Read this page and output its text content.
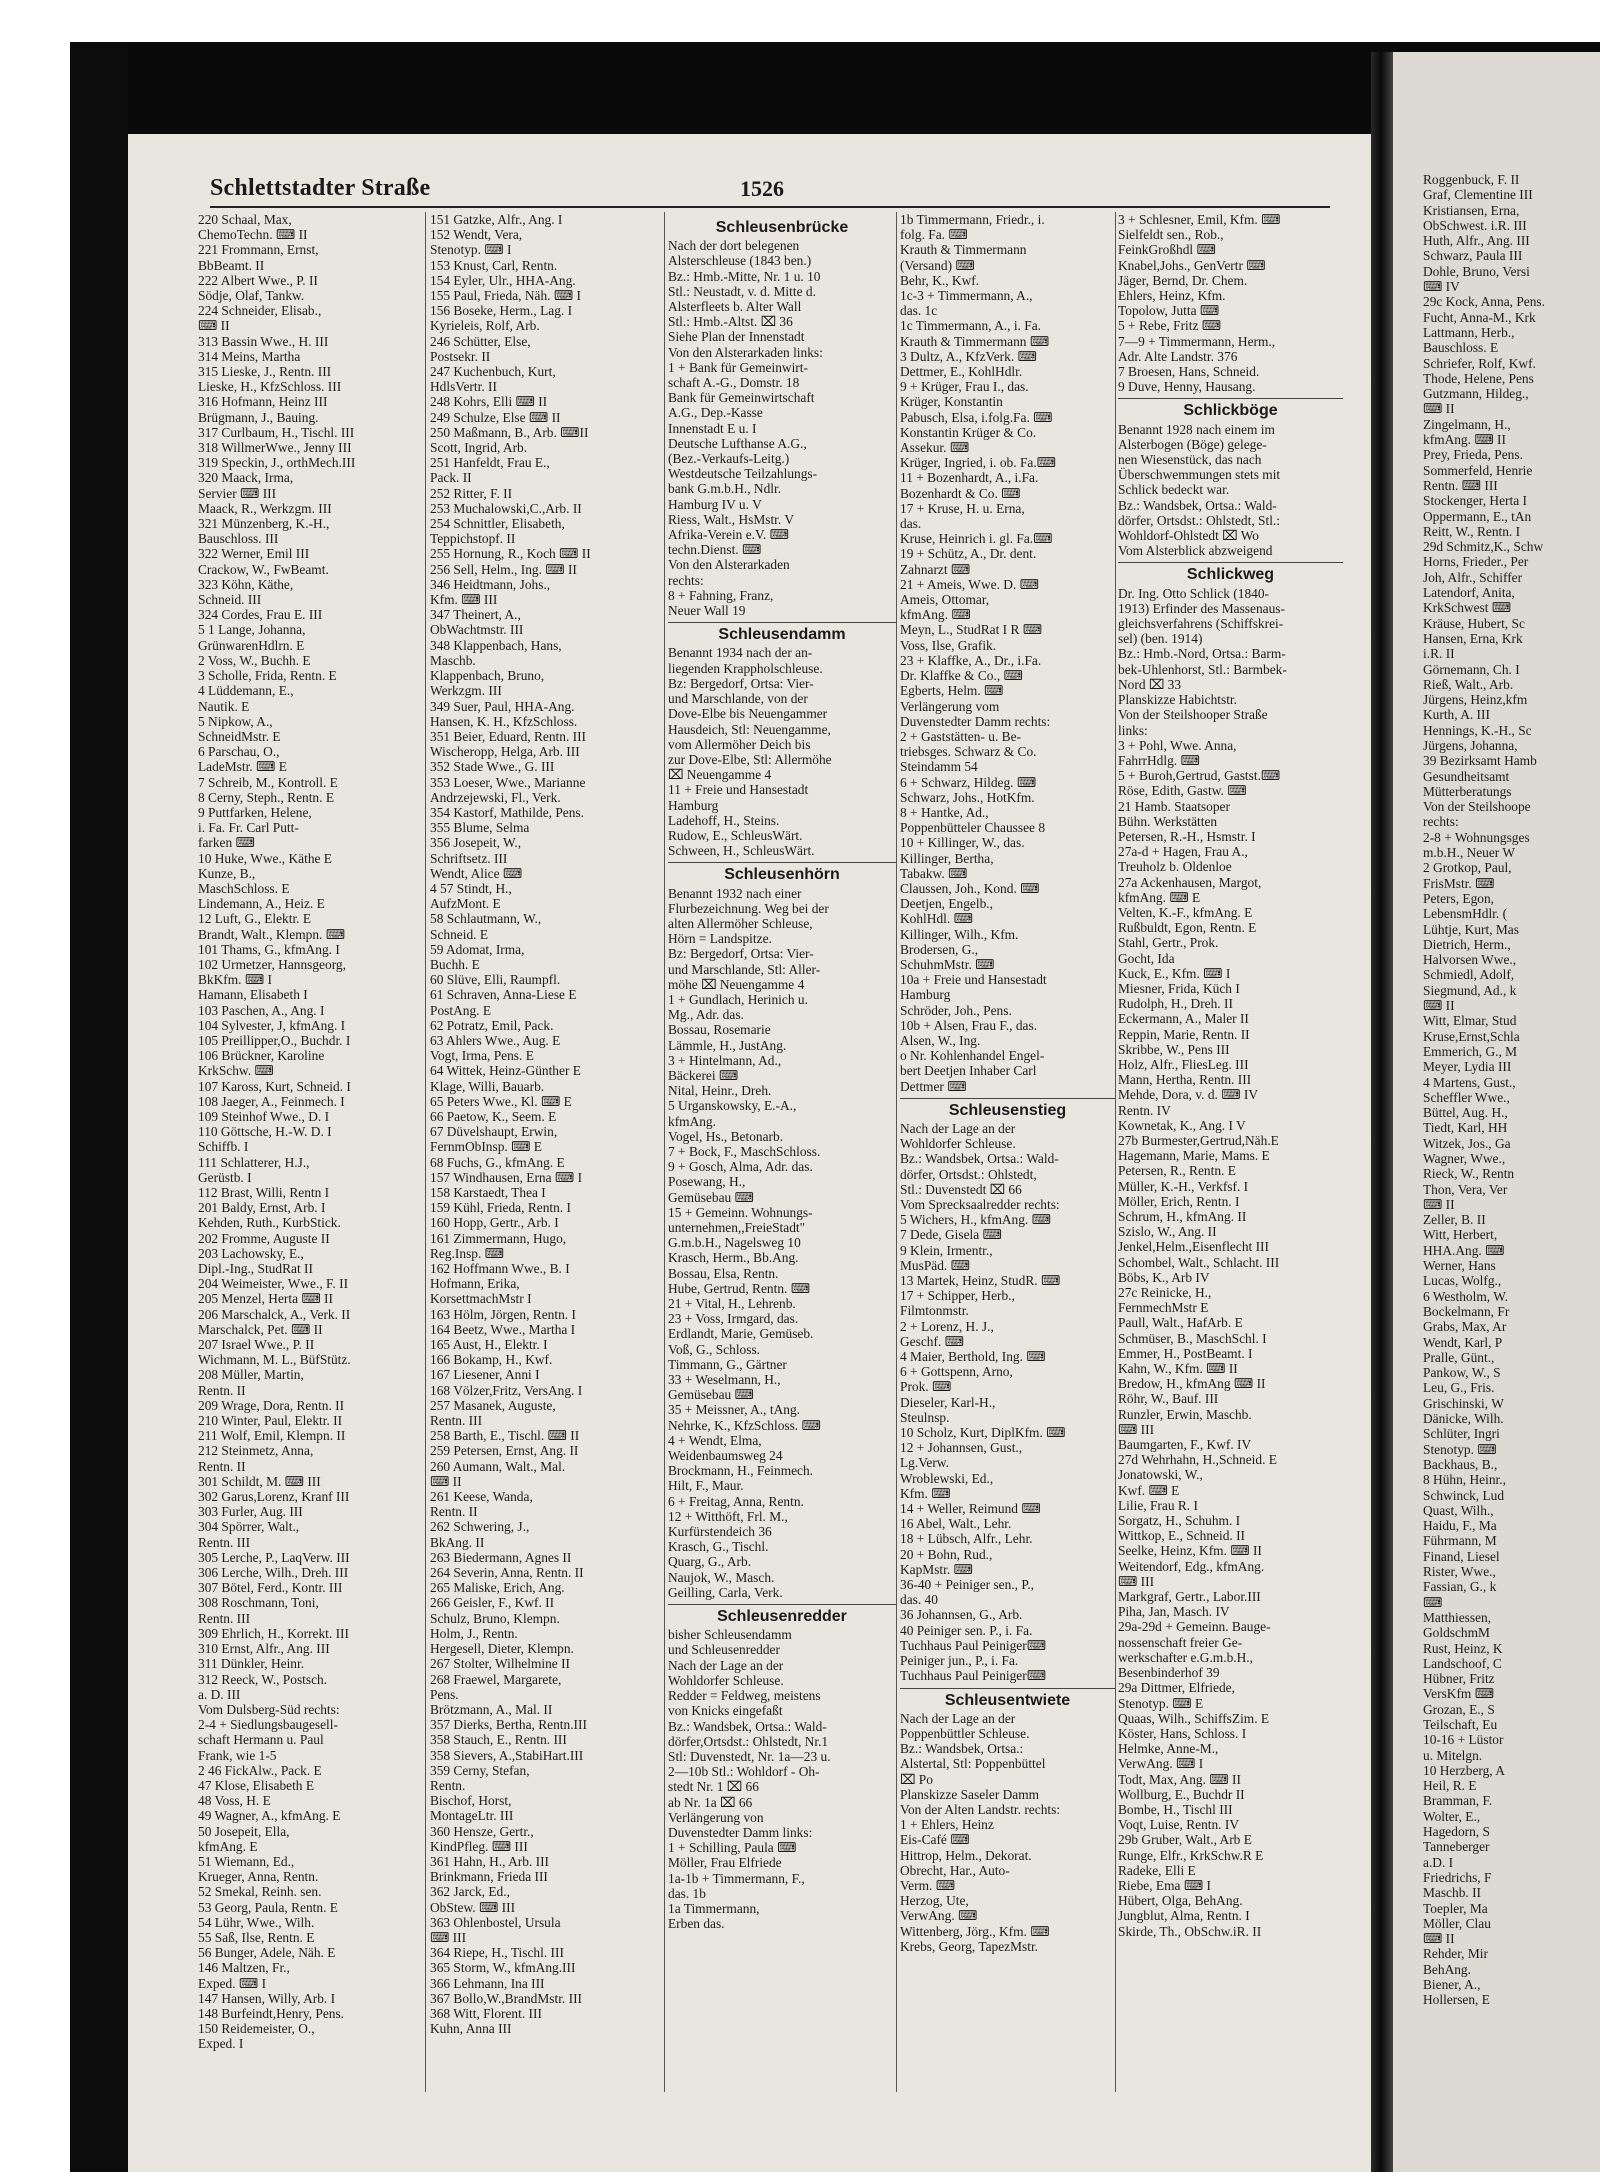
Roggenbuck, F. II
Graf, Clementine III
Kristiansen, Erna,
ObSchwest. i.R. III
Huth, Alfr., Ang. III
Schwarz, Paula III
Dohle, Bruno, Versi
⌨ IV
29c Kock, Anna, Pens.
Fucht, Anna-M., Krk
Lattmann, Herb.,
Bauschloss. E
Schriefer, Rolf, Kwf.
Thode, Helene, Pens
Gutzmann, Hildeg.,
⌨ II
Zingelmann, H.,
kfmAng. ⌨ II
Prey, Frieda, Pens.
Sommerfeld, Henrie
Rentn. ⌨ III
Stockenger, Herta I
Oppermann, E., tAn
Reitt, W., Rentn. I
29d Schmitz,K., Schw
Horns, Frieder., Per
Joh, Alfr., Schiffer
Latendorf, Anita,
KrkSchwest ⌨
Kräuse, Hubert, Sc
Hansen, Erna, Krk
i.R. II
Görnemann, Ch. I
Rieß, Walt., Arb.
Jürgens, Heinz,kfm
Kurth, A. III
Hennings, K.-H., Sc
Jürgens, Johanna,
39 Bezirksamt Hamb
Gesundheitsamt
Mütterberatungs
Von der Steilshoope
rechts:
2-8 + Wohnungsges
m.b.H., Neuer W
2 Grotkop, Paul,
FrisMstr. ⌨
Peters, Egon,
LebensmHdlr. (
Lühtje, Kurt, Mas
Dietrich, Herm.,
Halvorsen Wwe.,
Schmiedl, Adolf,
Siegmund, Ad., k
⌨ II
Witt, Elmar, Stud
Kruse,Ernst,Schla
Emmerich, G., M
Meyer, Lydia III
4 Martens, Gust.,
Scheffler Wwe.,
Büttel, Aug. H.,
Tiedt, Karl, HH
Witzek, Jos., Ga
Wagner, Wwe.,
Rieck, W., Rentn
Thon, Vera, Ver
⌨ II
Zeller, B. II
Witt, Herbert,
HHA.Ang. ⌨
Werner, Hans
Lucas, Wolfg.,
6 Westholm, W.
Bockelmann, Fr
Grabs, Max, Ar
Wendt, Karl, P
Pralle, Günt.,
Pankow, W., S
Leu, G., Fris.
Grischinski, W
Dänicke, Wilh.
Schlüter, Ingri
Stenotyp. ⌨
Backhaus, B.,
8 Hühn, Heinr.,
Schwinck, Lud
Quast, Wilh.,
Haidu, F., Ma
Führmann, M
Finand, Liesel
Rister, Wwe.,
Fassian, G., k
⌨
Matthiessen,
GoldschmM
Rust, Heinz, K
Landschoof, C
Hübner, Fritz
VersKfm ⌨
Grozan, E., S
Teilschaft, Eu
10-16 + Lüstor
u. Mitelgn.
10 Herzberg, A
Heil, R. E
Bramman, F.
Wolter, E.,
Hagedorn, S
Tanneberger
a.D. I
Friedrichs, F
Maschb. II
Toepler, Ma
Möller, Clau
⌨ II
Rehder, Mir
BehAng.
Biener, A.,
Hollersen, E
Schlettstadter Straße	1526
220 Schaal, Max,
ChemoTechn. ⌨ II
221 Frommann, Ernst,
BbBeamt. II
222 Albert Wwe., P. II
Södje, Olaf, Tankw.
224 Schneider, Elisab.,
⌨ II
313 Bassin Wwe., H. III
314 Meins, Martha
315 Lieske, J., Rentn. III
Lieske, H., KfzSchloss. III
316 Hofmann, Heinz III
Brügmann, J., Bauing.
317 Curlbaum, H., Tischl. III
318 WillmerWwe., Jenny III
319 Speckin, J., orthMech.III
320 Maack, Irma,
Servier ⌨ III
Maack, R., Werkzgm. III
321 Münzenberg, K.-H.,
Bauschloss. III
322 Werner, Emil III
Crackow, W., FwBeamt.
323 Köhn, Käthe,
Schneid. III
324 Cordes, Frau E. III
5 1 Lange, Johanna,
GrünwarenHdlrn. E
2 Voss, W., Buchh. E
3 Scholle, Frida, Rentn. E
4 Lüddemann, E.,
Nautik. E
5 Nipkow, A.,
SchneidMstr. E
6 Parschau, O.,
LadeMstr. ⌨ E
7 Schreib, M., Kontroll. E
8 Cerny, Steph., Rentn. E
9 Puttfarken, Helene,
i. Fa. Fr. Carl Putt-
farken ⌨
10 Huke, Wwe., Käthe E
Kunze, B.,
MaschSchloss. E
Lindemann, A., Heiz. E
12 Luft, G., Elektr. E
Brandt, Walt., Klempn. ⌨
101 Thams, G., kfmAng. I
102 Urmetzer, Hannsgeorg,
BkKfm. ⌨ I
Hamann, Elisabeth I
103 Paschen, A., Ang. I
104 Sylvester, J, kfmAng. I
105 Preillipper,O., Buchdr. I
106 Brückner, Karoline
KrkSchw. ⌨
107 Kaross, Kurt, Schneid. I
108 Jaeger, A., Feinmech. I
109 Steinhof Wwe., D. I
110 Göttsche, H.-W. D. I
Schiffb. I
111 Schlatterer, H.J.,
Gerüstb. I
112 Brast, Willi, Rentn I
201 Baldy, Ernst, Arb. I
Kehden, Ruth., KurbStick.
202 Fromme, Auguste II
203 Lachowsky, E.,
Dipl.-Ing., StudRat II
204 Weimeister, Wwe., F. II
205 Menzel, Herta ⌨ II
206 Marschalck, A., Verk. II
Marschalck, Pet. ⌨ II
207 Israel Wwe., P. II
Wichmann, M. L., BüfStütz.
208 Müller, Martin,
Rentn. II
209 Wrage, Dora, Rentn. II
210 Winter, Paul, Elektr. II
211 Wolf, Emil, Klempn. II
212 Steinmetz, Anna,
Rentn. II
301 Schildt, M. ⌨ III
302 Garus,Lorenz, Kranf III
303 Furler, Aug. III
304 Spörrer, Walt.,
Rentn. III
305 Lerche, P., LaqVerw. III
306 Lerche, Wilh., Dreh. III
307 Bötel, Ferd., Kontr. III
308 Roschmann, Toni,
Rentn. III
309 Ehrlich, H., Korrekt. III
310 Ernst, Alfr., Ang. III
311 Dünkler, Heinr.
312 Reeck, W., Postsch.
a. D. III
Vom Dulsberg-Süd rechts:
2-4 + Siedlungsbaugesell-
schaft Hermann u. Paul
Frank, wie 1-5
2 46 FickAlw., Pack. E
47 Klose, Elisabeth E
48 Voss, H. E
49 Wagner, A., kfmAng. E
50 Josepeit, Ella,
kfmAng. E
51 Wiemann, Ed.,
Krueger, Anna, Rentn.
52 Smekal, Reinh. sen.
53 Georg, Paula, Rentn. E
54 Lühr, Wwe., Wilh.
55 Saß, Ilse, Rentn. E
56 Bunger, Adele, Näh. E
146 Maltzen, Fr.,
Exped. ⌨ I
147 Hansen, Willy, Arb. I
148 Burfeindt,Henry, Pens.
150 Reidemeister, O.,
Exped. I
151 Gatzke, Alfr., Ang. I
152 Wendt, Vera,
Stenotyp. ⌨ I
153 Knust, Carl, Rentn.
154 Eyler, Ulr., HHA-Ang.
155 Paul, Frieda, Näh. ⌨ I
156 Boseke, Herm., Lag. I
Kyrieleis, Rolf, Arb.
246 Schütter, Else,
Postsekr. II
247 Kuchenbuch, Kurt,
HdlsVertr. II
248 Kohrs, Elli ⌨ II
249 Schulze, Else ⌨ II
250 Maßmann, B., Arb. ⌨II
Scott, Ingrid, Arb.
251 Hanfeldt, Frau E.,
Pack. II
252 Ritter, F. II
253 Muchalowski,C.,Arb. II
254 Schnittler, Elisabeth,
Teppichstopf. II
255 Hornung, R., Koch ⌨ II
256 Sell, Helm., Ing. ⌨ II
346 Heidtmann, Johs.,
Kfm. ⌨ III
347 Theinert, A.,
ObWachtmstr. III
348 Klappenbach, Hans,
Maschb.
Klappenbach, Bruno,
Werkzgm. III
349 Suer, Paul, HHA-Ang.
Hansen, K. H., KfzSchloss.
351 Beier, Eduard, Rentn. III
Wischeropp, Helga, Arb. III
352 Stade Wwe., G. III
353 Loeser, Wwe., Marianne
Andrzejewski, Fl., Verk.
354 Kastorf, Mathilde, Pens.
355 Blume, Selma
356 Josepeit, W.,
Schriftsetz. III
Wendt, Alice ⌨
4 57 Stindt, H.,
AufzMont. E
58 Schlautmann, W.,
Schneid. E
59 Adomat, Irma,
Buchh. E
60 Slüve, Elli, Raumpfl.
61 Schraven, Anna-Liese E
PostAng. E
62 Potratz, Emil, Pack.
63 Ahlers Wwe., Aug. E
Vogt, Irma, Pens. E
64 Wittek, Heinz-Günther E
Klage, Willi, Bauarb.
65 Peters Wwe., Kl. ⌨ E
66 Paetow, K., Seem. E
67 Düvelshaupt, Erwin,
FernmObInsp. ⌨ E
68 Fuchs, G., kfmAng. E
157 Windhausen, Erna ⌨ I
158 Karstaedt, Thea I
159 Kühl, Frieda, Rentn. I
160 Hopp, Gertr., Arb. I
161 Zimmermann, Hugo,
Reg.Insp. ⌨
162 Hoffmann Wwe., B. I
Hofmann, Erika,
KorsettmachMstr I
163 Hölm, Jörgen, Rentn. I
164 Beetz, Wwe., Martha I
165 Aust, H., Elektr. I
166 Bokamp, H., Kwf.
167 Liesener, Anni I
168 Völzer,Fritz, VersAng. I
257 Masanek, Auguste,
Rentn. III
258 Barth, E., Tischl. ⌨ II
259 Petersen, Ernst, Ang. II
260 Aumann, Walt., Mal.
⌨ II
261 Keese, Wanda,
Rentn. II
262 Schwering, J.,
BkAng. II
263 Biedermann, Agnes II
264 Severin, Anna, Rentn. II
265 Maliske, Erich, Ang.
266 Geisler, F., Kwf. II
Schulz, Bruno, Klempn.
Holm, J., Rentn.
Hergesell, Dieter, Klempn.
267 Stolter, Wilhelmine II
268 Fraewel, Margarete,
Pens.
Brötzmann, A., Mal. II
357 Dierks, Bertha, Rentn.III
358 Stauch, E., Rentn. III
358 Sievers, A.,StabiHart.III
359 Cerny, Stefan,
Rentn.
Bischof, Horst,
MontageLtr. III
360 Hensze, Gertr.,
KindPfleg. ⌨ III
361 Hahn, H., Arb. III
Brinkmann, Frieda III
362 Jarck, Ed.,
ObStew. ⌨ III
363 Ohlenbostel, Ursula
⌨ III
364 Riepe, H., Tischl. III
365 Storm, W., kfmAng.III
366 Lehmann, Ina III
367 Bollo,W.,BrandMstr. III
368 Witt, Florent. III
Kuhn, Anna III
Schleusenbrücke
Nach der dort belegenen
Alsterschleuse (1843 ben.)
Bz.: Hmb.-Mitte, Nr. 1 u. 10
Stl.: Neustadt, v. d. Mitte d.
Alsterfleets b. Alter Wall
Stl.: Hmb.-Altst. ⌧ 36
Siehe Plan der Innenstadt
Von den Alsterarkaden links:
1 + Bank für Gemeinwirt-
schaft A.-G., Domstr. 18
Bank für Gemeinwirtschaft
A.G., Dep.-Kasse
Innenstadt E u. I
Deutsche Lufthanse A.G.,
(Bez.-Verkaufs-Leitg.)
Westdeutsche Teilzahlungs-
bank G.m.b.H., Ndlr.
Hamburg IV u. V
Riess, Walt., HsMstr. V
Afrika-Verein e.V. ⌨
techn.Dienst. ⌨
Von den Alsterarkaden
rechts:
8 + Fahning, Franz,
Neuer Wall 19
Schleusendamm
Benannt 1934 nach der an-
liegenden Krappholschleuse.
Bz: Bergedorf, Ortsa: Vier-
und Marschlande, von der
Dove-Elbe bis Neuengammer
Hausdeich, Stl: Neuengamme,
vom Allermöher Deich bis
zur Dove-Elbe, Stl: Allermöhe
⌧ Neuengamme 4
11 + Freie und Hansestadt
Hamburg
Ladehoff, H., Steins.
Rudow, E., SchleusWärt.
Schween, H., SchleusWärt.
Schleusenhörn
Benannt 1932 nach einer
Flurbezeichnung. Weg bei der
alten Allermöher Schleuse,
Hörn = Landspitze.
Bz: Bergedorf, Ortsa: Vier-
und Marschlande, Stl: Aller-
möhe ⌧ Neuengamme 4
1 + Gundlach, Herinich u.
Mg., Adr. das.
Bossau, Rosemarie
Lämmle, H., JustAng.
3 + Hintelmann, Ad.,
Bäckerei ⌨
Nital, Heinr., Dreh.
5 Urganskowsky, E.-A.,
kfmAng.
Vogel, Hs., Betonarb.
7 + Bock, F., MaschSchloss.
9 + Gosch, Alma, Adr. das.
Posewang, H.,
Gemüsebau ⌨
15 + Gemeinn. Wohnungs-
unternehmen,,FreieStadt"
G.m.b.H., Nagelsweg 10
Krasch, Herm., Bb.Ang.
Bossau, Elsa, Rentn.
Hube, Gertrud, Rentn. ⌨
21 + Vital, H., Lehrenb.
23 + Voss, Irmgard, das.
Erdlandt, Marie, Gemüseb.
Voß, G., Schloss.
Timmann, G., Gärtner
33 + Weselmann, H.,
Gemüsebau ⌨
35 + Meissner, A., tAng.
Nehrke, K., KfzSchloss. ⌨
4 + Wendt, Elma,
Weidenbaumsweg 24
Brockmann, H., Feinmech.
Hilt, F., Maur.
6 + Freitag, Anna, Rentn.
12 + Witthöft, Frl. M.,
Kurfürstendeich 36
Krasch, G., Tischl.
Quarg, G., Arb.
Naujok, W., Masch.
Geilling, Carla, Verk.
Schleusenredder
bisher Schleusendamm
und Schleusenredder
Nach der Lage an der
Wohldorfer Schleuse.
Redder = Feldweg, meistens
von Knicks eingefaßt
Bz.: Wandsbek, Ortsa.: Wald-
dörfer,Ortsdst.: Ohlstedt, Nr.1
Stl: Duvenstedt, Nr. 1a—23 u.
2—10b Stl.: Wohldorf - Oh-
stedt Nr. 1 ⌧ 66
ab Nr. 1a ⌧ 66
Verlängerung von
Duvenstedter Damm links:
1 + Schilling, Paula ⌨
Möller, Frau Elfriede
1a-1b + Timmermann, F.,
das. 1b
1a Timmermann,
Erben das.
1b Timmermann, Friedr., i.
folg. Fa. ⌨
Krauth & Timmermann
(Versand) ⌨
Behr, K., Kwf.
1c-3 + Timmermann, A.,
das. 1c
1c Timmermann, A., i. Fa.
Krauth & Timmermann ⌨
3 Dultz, A., KfzVerk. ⌨
Dettmer, E., KohlHdlr.
9 + Krüger, Frau I., das.
Krüger, Konstantin
Pabusch, Elsa, i.folg.Fa. ⌨
Konstantin Krüger & Co.
Assekur. ⌨
Krüger, Ingried, i. ob. Fa.⌨
11 + Bozenhardt, A., i.Fa.
Bozenhardt & Co. ⌨
17 + Kruse, H. u. Erna,
das.
Kruse, Heinrich i. gl. Fa.⌨
19 + Schütz, A., Dr. dent.
Zahnarzt ⌨
21 + Ameis, Wwe. D. ⌨
Ameis, Ottomar,
kfmAng. ⌨
Meyn, L., StudRat I R ⌨
Voss, Ilse, Grafik.
23 + Klaffke, A., Dr., i.Fa.
Dr. Klaffke & Co., ⌨
Egberts, Helm. ⌨
Verlängerung vom
Duvenstedter Damm rechts:
2 + Gaststätten- u. Be-
triebsges. Schwarz & Co.
Steindamm 54
6 + Schwarz, Hildeg. ⌨
Schwarz, Johs., HotKfm.
8 + Hantke, Ad.,
Poppenbütteler Chaussee 8
10 + Killinger, W., das.
Killinger, Bertha,
Tabakw. ⌨
Claussen, Joh., Kond. ⌨
Deetjen, Engelb.,
KohlHdl. ⌨
Killinger, Wilh., Kfm.
Brodersen, G.,
SchuhmMstr. ⌨
10a + Freie und Hansestadt
Hamburg
Schröder, Joh., Pens.
10b + Alsen, Frau F., das.
Alsen, W., Ing.
o Nr. Kohlenhandel Engel-
bert Deetjen Inhaber Carl
Dettmer ⌨
Schleusenstieg
Nach der Lage an der
Wohldorfer Schleuse.
Bz.: Wandsbek, Ortsa.: Wald-
dörfer, Ortsdst.: Ohlstedt,
Stl.: Duvenstedt ⌧ 66
Vom Sprecksaalredder rechts:
5 Wichers, H., kfmAng. ⌨
7 Dede, Gisela ⌨
9 Klein, Irmentr.,
MusPäd. ⌨
13 Martek, Heinz, StudR. ⌨
17 + Schipper, Herb.,
Filmtonmstr.
2 + Lorenz, H. J.,
Geschf. ⌨
4 Maier, Berthold, Ing. ⌨
6 + Gottspenn, Arno,
Prok. ⌨
Dieseler, Karl-H.,
Steulnsp.
10 Scholz, Kurt, DiplKfm. ⌨
12 + Johannsen, Gust.,
Lg.Verw.
Wroblewski, Ed.,
Kfm. ⌨
14 + Weller, Reimund ⌨
16 Abel, Walt., Lehr.
18 + Lübsch, Alfr., Lehr.
20 + Bohn, Rud.,
KapMstr. ⌨
36-40 + Peiniger sen., P.,
das. 40
36 Johannsen, G., Arb.
40 Peiniger sen. P., i. Fa.
Tuchhaus Paul Peiniger⌨
Peiniger jun., P., i. Fa.
Tuchhaus Paul Peiniger⌨
Schleusentwiete
Nach der Lage an der
Poppenbüttler Schleuse.
Bz.: Wandsbek, Ortsa.:
Alstertal, Stl: Poppenbüttel
⌧ Po
Planskizze Saseler Damm
Von der Alten Landstr. rechts:
1 + Ehlers, Heinz
Eis-Café ⌨
Hittrop, Helm., Dekorat.
Obrecht, Har., Auto-
Verm. ⌨
Herzog, Ute,
VerwAng. ⌨
Wittenberg, Jörg., Kfm. ⌨
Krebs, Georg, TapezMstr.
3 + Schlesner, Emil, Kfm. ⌨
Sielfeldt sen., Rob.,
FeinkGroßhdl ⌨
Knabel,Johs., GenVertr ⌨
Jäger, Bernd, Dr. Chem.
Ehlers, Heinz, Kfm.
Topolow, Jutta ⌨
5 + Rebe, Fritz ⌨
7—9 + Timmermann, Herm.,
Adr. Alte Landstr. 376
7 Broesen, Hans, Schneid.
9 Duve, Henny, Hausang.
Schlickböge
Benannt 1928 nach einem im
Alsterbogen (Böge) gelege-
nen Wiesenstück, das nach
Überschwemmungen stets mit
Schlick bedeckt war.
Bz.: Wandsbek, Ortsa.: Wald-
dörfer, Ortsdst.: Ohlstedt, Stl.:
Wohldorf-Ohlstedt ⌧ Wo
Vom Alsterblick abzweigend
Schlickweg
Dr. Ing. Otto Schlick (1840-
1913) Erfinder des Massenaus-
gleichsverfahrens (Schiffskrei-
sel) (ben. 1914)
Bz.: Hmb.-Nord, Ortsa.: Barm-
bek-Uhlenhorst, Stl.: Barmbek-
Nord ⌧ 33
Planskizze Habichtstr.
Von der Steilshooper Straße
links:
3 + Pohl, Wwe. Anna,
FahrrHdlg. ⌨
5 + Buroh,Gertrud, Gastst.⌨
Röse, Edith, Gastw. ⌨
21 Hamb. Staatsoper
Bühn. Werkstätten
Petersen, R.-H., Hsmstr. I
27a-d + Hagen, Frau A.,
Treuholz b. Oldenloe
27a Ackenhausen, Margot,
kfmAng. ⌨ E
Velten, K.-F., kfmAng. E
Rußbuldt, Egon, Rentn. E
Stahl, Gertr., Prok.
Gocht, Ida
Kuck, E., Kfm. ⌨ I
Miesner, Frida, Küch I
Rudolph, H., Dreh. II
Eckermann, A., Maler II
Reppin, Marie, Rentn. II
Skribbe, W., Pens III
Holz, Alfr., FliesLeg. III
Mann, Hertha, Rentn. III
Mehde, Dora, v. d. ⌨ IV
Rentn. IV
Kownetak, K., Ang. I V
27b Burmester,Gertrud,Näh.E
Hagemann, Marie, Mams. E
Petersen, R., Rentn. E
Müller, K.-H., Verkfsf. I
Möller, Erich, Rentn. I
Schrum, H., kfmAng. II
Szislo, W., Ang. II
Jenkel,Helm.,Eisenflecht III
Schombel, Walt., Schlacht. III
Böbs, K., Arb IV
27c Reinicke, H.,
FernmechMstr E
Paull, Walt., HafArb. E
Schmüser, B., MaschSchl. I
Emmer, H., PostBeamt. I
Kahn, W., Kfm. ⌨ II
Bredow, H., kfmAng ⌨ II
Röhr, W., Bauf. III
Runzler, Erwin, Maschb.
⌨ III
Baumgarten, F., Kwf. IV
27d Wehrhahn, H.,Schneid. E
Jonatowski, W.,
Kwf. ⌨ E
Lilie, Frau R. I
Sorgatz, H., Schuhm. I
Wittkop, E., Schneid. II
Seelke, Heinz, Kfm. ⌨ II
Weitendorf, Edg., kfmAng.
⌨ III
Markgraf, Gertr., Labor.III
Piha, Jan, Masch. IV
29a-29d + Gemeinn. Bauge-
nossenschaft freier Ge-
werkschafter e.G.m.b.H.,
Besenbinderhof 39
29a Dittmer, Elfriede,
Stenotyp. ⌨ E
Quaas, Wilh., SchiffsZim. E
Köster, Hans, Schloss. I
Helmke, Anne-M.,
VerwAng. ⌨ I
Todt, Max, Ang. ⌨ II
Wollburg, E., Buchdr II
Bombe, H., Tischl III
Voqt, Luise, Rentn. IV
29b Gruber, Walt., Arb E
Runge, Elfr., KrkSchw.R E
Radeke, Elli E
Riebe, Ema ⌨ I
Hübert, Olga, BehAng.
Jungblut, Alma, Rentn. I
Skirde, Th., ObSchw.iR. II
